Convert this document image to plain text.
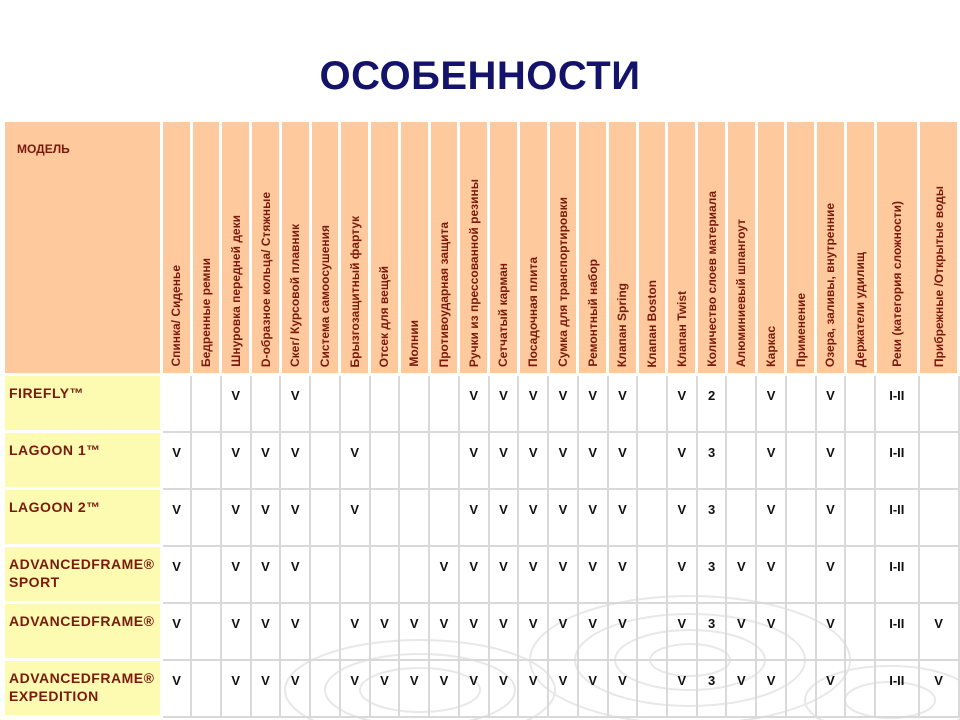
ОСОБЕННОСТИ
МОДЕЛЬ	Спинка/ Сиденье	Бедренные ремни	Шнуровка передней деки	D-образное кольца/ Стяжные	Скег/ Курсовой плавник	Система самоосушения	Брызгозащитный фартук	Отсек для вещей	Молнии	Противоударная защита	Ручки из прессованной резины	Сетчатый карман	Посадочная плита	Сумка для транспортировки	Ремонтный набор	Клапан Spring	Клапан Boston	Клапан Twist	Количество слоев материала	Алюминиевый шпангоут	Каркас	Применение	Озера, заливы, внутренние	Держатели удилищ	Реки (категория сложности)	Прибрежные /Открытые воды

FIREFLY™			V		V						V	V	V	V	V	V		V	2		V		V		I-II	
LAGOON 1™	V		V	V	V		V				V	V	V	V	V	V		V	3		V		V		I-II	
LAGOON 2™	V		V	V	V		V				V	V	V	V	V	V		V	3		V		V		I-II	
ADVANCEDFRAME® SPORT	V		V	V	V					V	V	V	V	V	V	V		V	3	V	V		V		I-II	
ADVANCEDFRAME®	V		V	V	V		V	V	V	V	V	V	V	V	V	V		V	3	V	V		V		I-II	V
ADVANCEDFRAME® EXPEDITION	V		V	V	V		V	V	V	V	V	V	V	V	V	V		V	3	V	V		V		I-II	V
